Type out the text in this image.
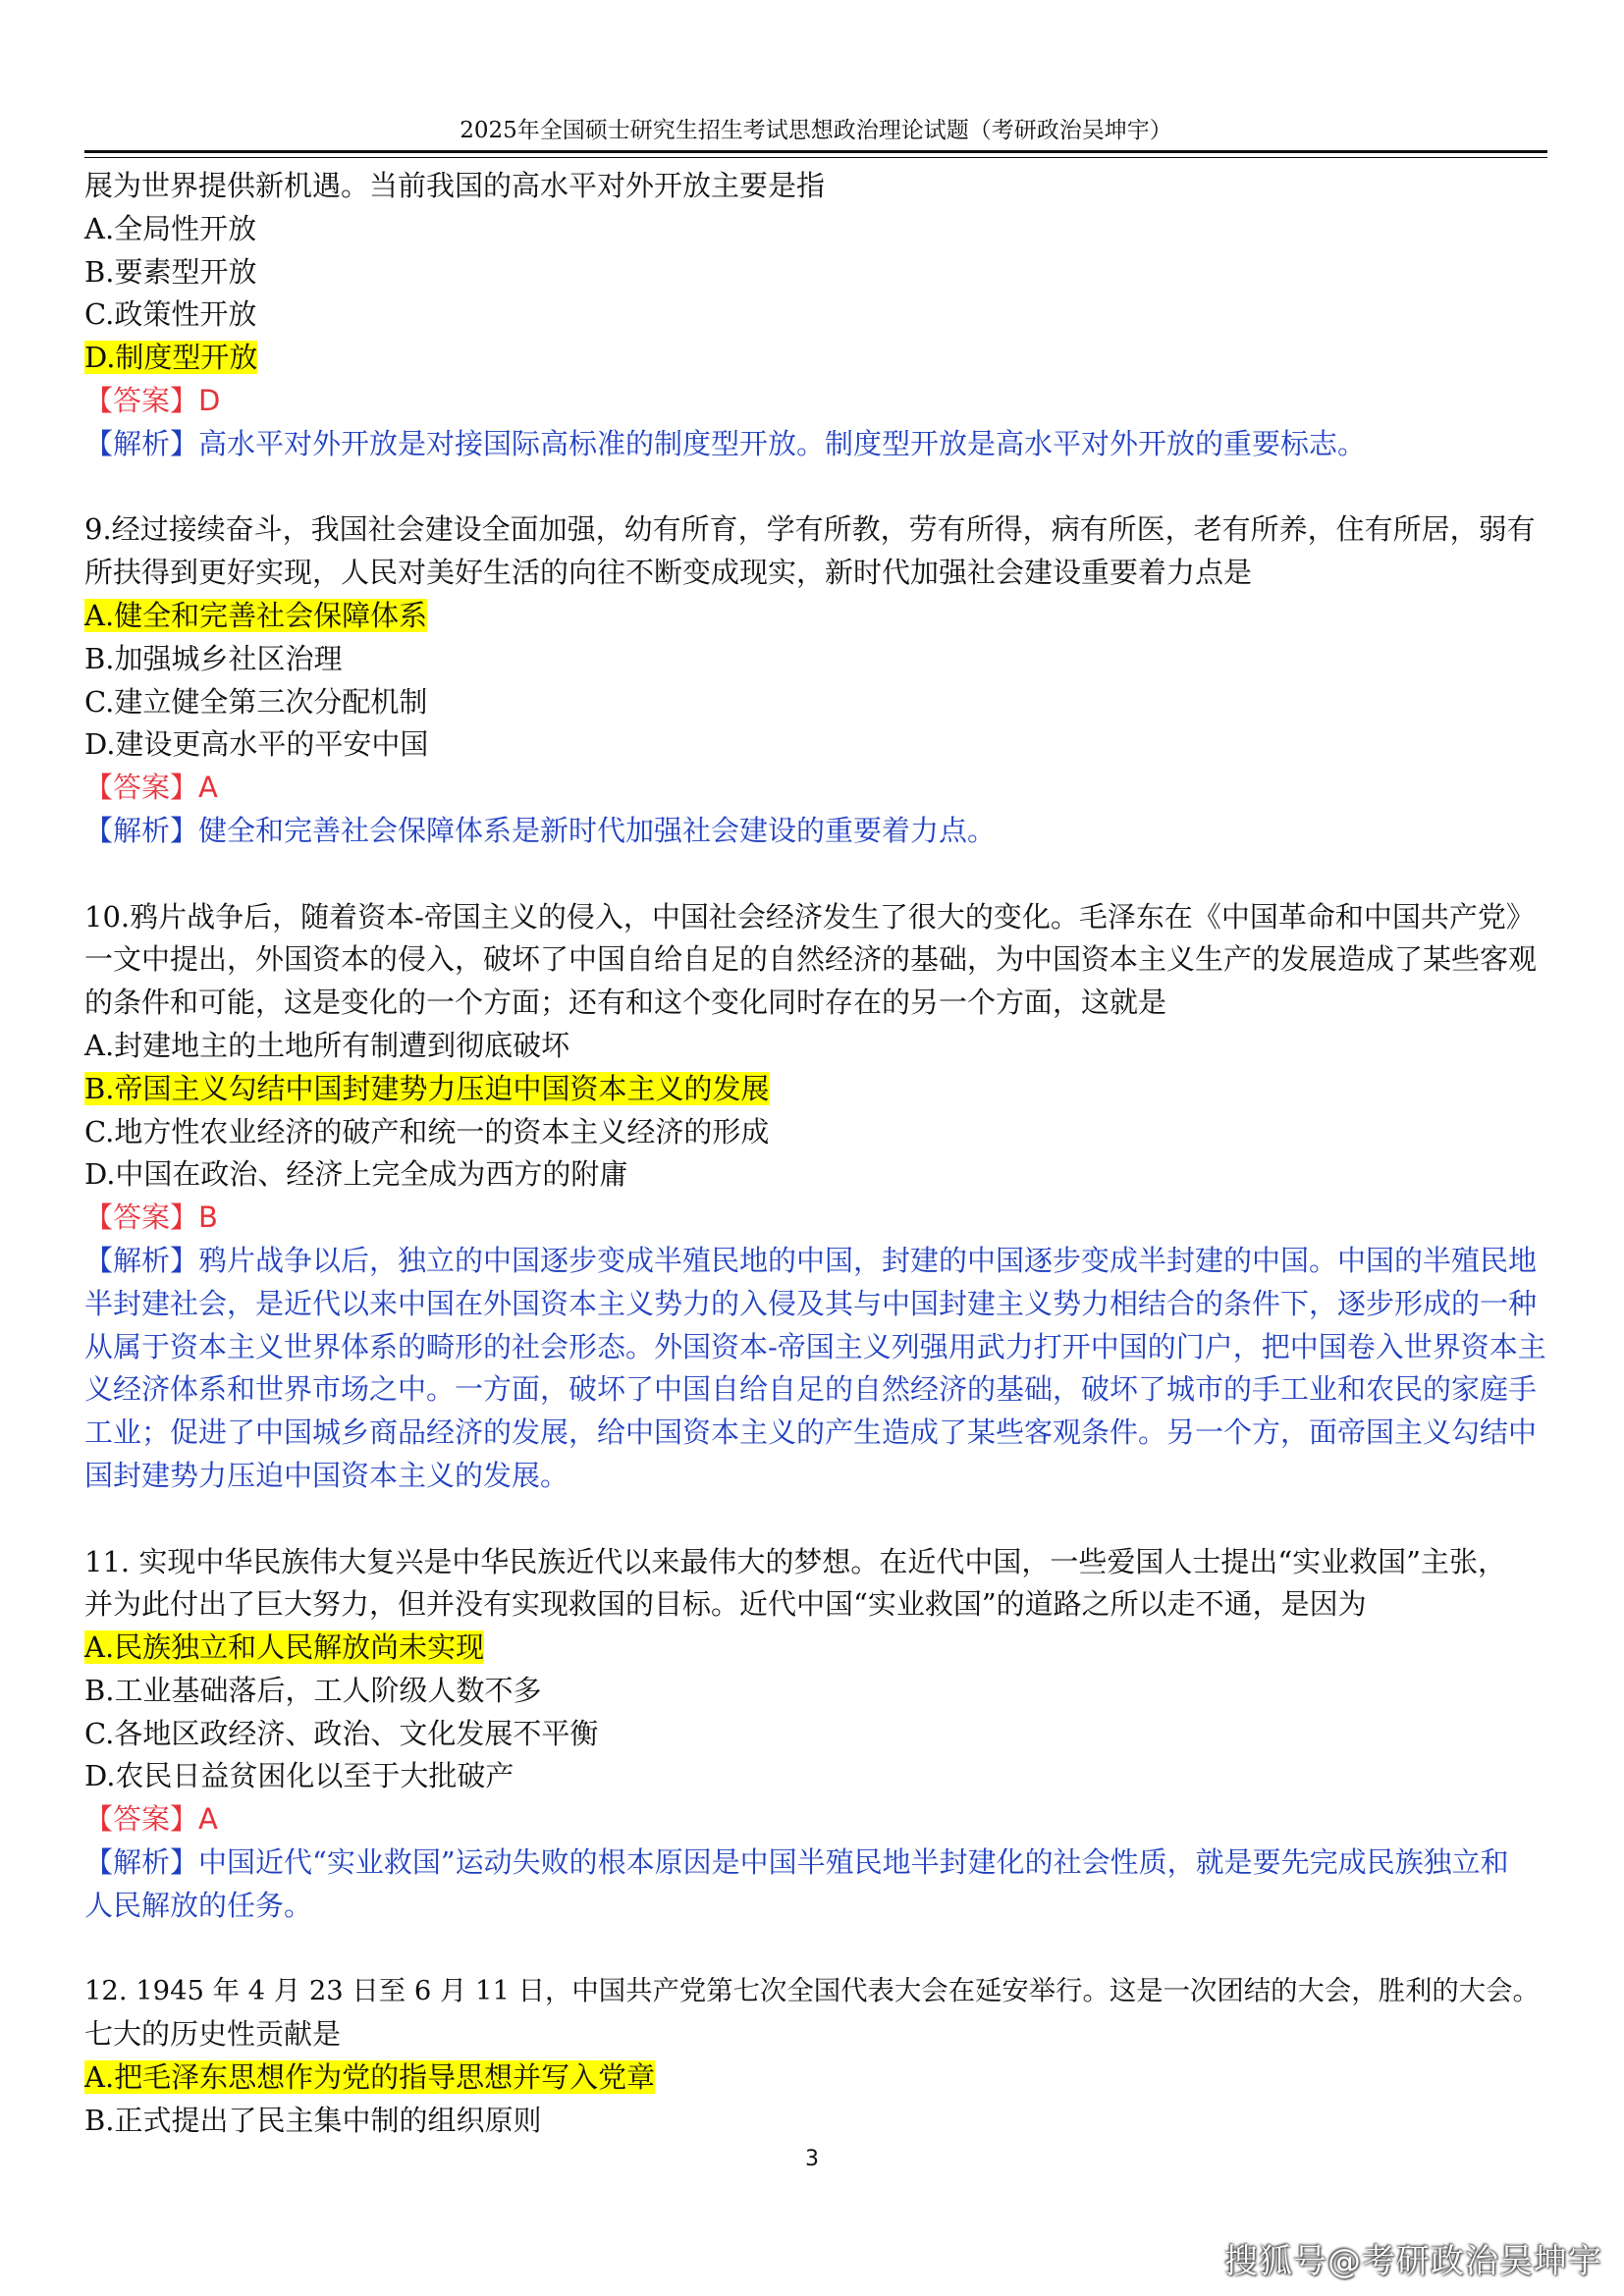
2025年全国硕士研究生招生考试思想政治理论试题（考研政治吴坤宇）
展为世界提供新机遇。当前我国的高水平对外开放主要是指
A.全局性开放
B.要素型开放
C.政策性开放
D.制度型开放
【答案】D
【解析】高水平对外开放是对接国际高标准的制度型开放。制度型开放是高水平对外开放的重要标志。
9.经过接续奋斗，我国社会建设全面加强，幼有所育，学有所教，劳有所得，病有所医，老有所养，住有所居，弱有
所扶得到更好实现，人民对美好生活的向往不断变成现实，新时代加强社会建设重要着力点是
A.健全和完善社会保障体系
B.加强城乡社区治理
C.建立健全第三次分配机制
D.建设更高水平的平安中国
【答案】A
【解析】健全和完善社会保障体系是新时代加强社会建设的重要着力点。
10.鸦片战争后，随着资本-帝国主义的侵入，中国社会经济发生了很大的变化。毛泽东在《中国革命和中国共产党》
一文中提出，外国资本的侵入，破坏了中国自给自足的自然经济的基础，为中国资本主义生产的发展造成了某些客观
的条件和可能，这是变化的一个方面；还有和这个变化同时存在的另一个方面，这就是
A.封建地主的土地所有制遭到彻底破坏
B.帝国主义勾结中国封建势力压迫中国资本主义的发展
C.地方性农业经济的破产和统一的资本主义经济的形成
D.中国在政治、经济上完全成为西方的附庸
【答案】B
【解析】鸦片战争以后，独立的中国逐步变成半殖民地的中国，封建的中国逐步变成半封建的中国。中国的半殖民地
半封建社会，是近代以来中国在外国资本主义势力的入侵及其与中国封建主义势力相结合的条件下，逐步形成的一种
从属于资本主义世界体系的畸形的社会形态。外国资本-帝国主义列强用武力打开中国的门户，把中国卷入世界资本主
义经济体系和世界市场之中。一方面，破坏了中国自给自足的自然经济的基础，破坏了城市的手工业和农民的家庭手
工业；促进了中国城乡商品经济的发展，给中国资本主义的产生造成了某些客观条件。另一个方，面帝国主义勾结中
国封建势力压迫中国资本主义的发展。
11. 实现中华民族伟大复兴是中华民族近代以来最伟大的梦想。在近代中国，一些爱国人士提出“实业救国”主张，
并为此付出了巨大努力，但并没有实现救国的目标。近代中国“实业救国”的道路之所以走不通，是因为
A.民族独立和人民解放尚未实现
B.工业基础落后，工人阶级人数不多
C.各地区政经济、政治、文化发展不平衡
D.农民日益贫困化以至于大批破产
【答案】A
【解析】中国近代“实业救国”运动失败的根本原因是中国半殖民地半封建化的社会性质，就是要先完成民族独立和
人民解放的任务。
12. 1945 年 4 月 23 日至 6 月 11 日，中国共产党第七次全国代表大会在延安举行。这是一次团结的大会，胜利的大会。
七大的历史性贡献是
A.把毛泽东思想作为党的指导思想并写入党章
B.正式提出了民主集中制的组织原则
3
搜狐号@考研政治吴坤宇
